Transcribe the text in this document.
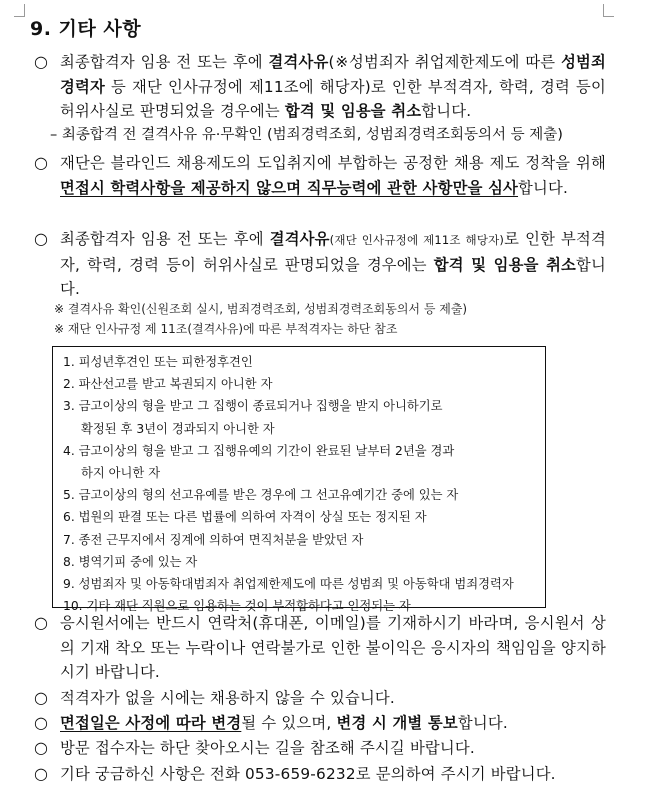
9. 기타 사항
○ 최종합격자 임용 전 또는 후에 결격사유(※성범죄자 취업제한제도에 따른 성범죄 경력자 등 재단 인사규정에 제11조에 해당자)로 인한 부적격자, 학력, 경력 등이 허위사실로 판명되었을 경우에는 합격 및 임용을 취소합니다.
– 최종합격 전 결격사유 유·무확인 (범죄경력조회, 성범죄경력조회동의서 등 제출)
○ 재단은 블라인드 채용제도의 도입취지에 부합하는 공정한 채용 제도 정착을 위해 면접시 학력사항을 제공하지 않으며 직무능력에 관한 사항만을 심사합니다.
○ 최종합격자 임용 전 또는 후에 결격사유(재단 인사규정에 제11조 해당자)로 인한 부적격자, 학력, 경력 등이 허위사실로 판명되었을 경우에는 합격 및 임용을 취소합니다.
※ 결격사유 확인(신원조회 실시, 범죄경력조회, 성범죄경력조회동의서 등 제출)
※ 재단 인사규정 제 11조(결격사유)에 따른 부적격자는 하단 참조
1. 피성년후견인 또는 피한정후견인
2. 파산선고를 받고 복권되지 아니한 자
3. 금고이상의 형을 받고 그 집행이 종료되거나 집행을 받지 아니하기로
확정된 후 3년이 경과되지 아니한 자
4. 금고이상의 형을 받고 그 집행유예의 기간이 완료된 날부터 2년을 경과
하지 아니한 자
5. 금고이상의 형의 선고유예를 받은 경우에 그 선고유예기간 중에 있는 자
6. 법원의 판결 또는 다른 법률에 의하여 자격이 상실 또는 정지된 자
7. 종전 근무지에서 징계에 의하여 면직처분을 받았던 자
8. 병역기피 중에 있는 자
9. 성범죄자 및 아동학대범죄자 취업제한제도에 따른 성범죄 및 아동학대 범죄경력자
10. 기타 재단 직원으로 임용하는 것이 부적합하다고 인정되는 자
○ 응시원서에는 반드시 연락처(휴대폰, 이메일)를 기재하시기 바라며, 응시원서 상의 기재 착오 또는 누락이나 연락불가로 인한 불이익은 응시자의 책임임을 양지하시기 바랍니다.
○ 적격자가 없을 시에는 채용하지 않을 수 있습니다.
○ 면접일은 사정에 따라 변경될 수 있으며, 변경 시 개별 통보합니다.
○ 방문 접수자는 하단 찾아오시는 길을 참조해 주시길 바랍니다.
○ 기타 궁금하신 사항은 전화 053-659-6232로 문의하여 주시기 바랍니다.
